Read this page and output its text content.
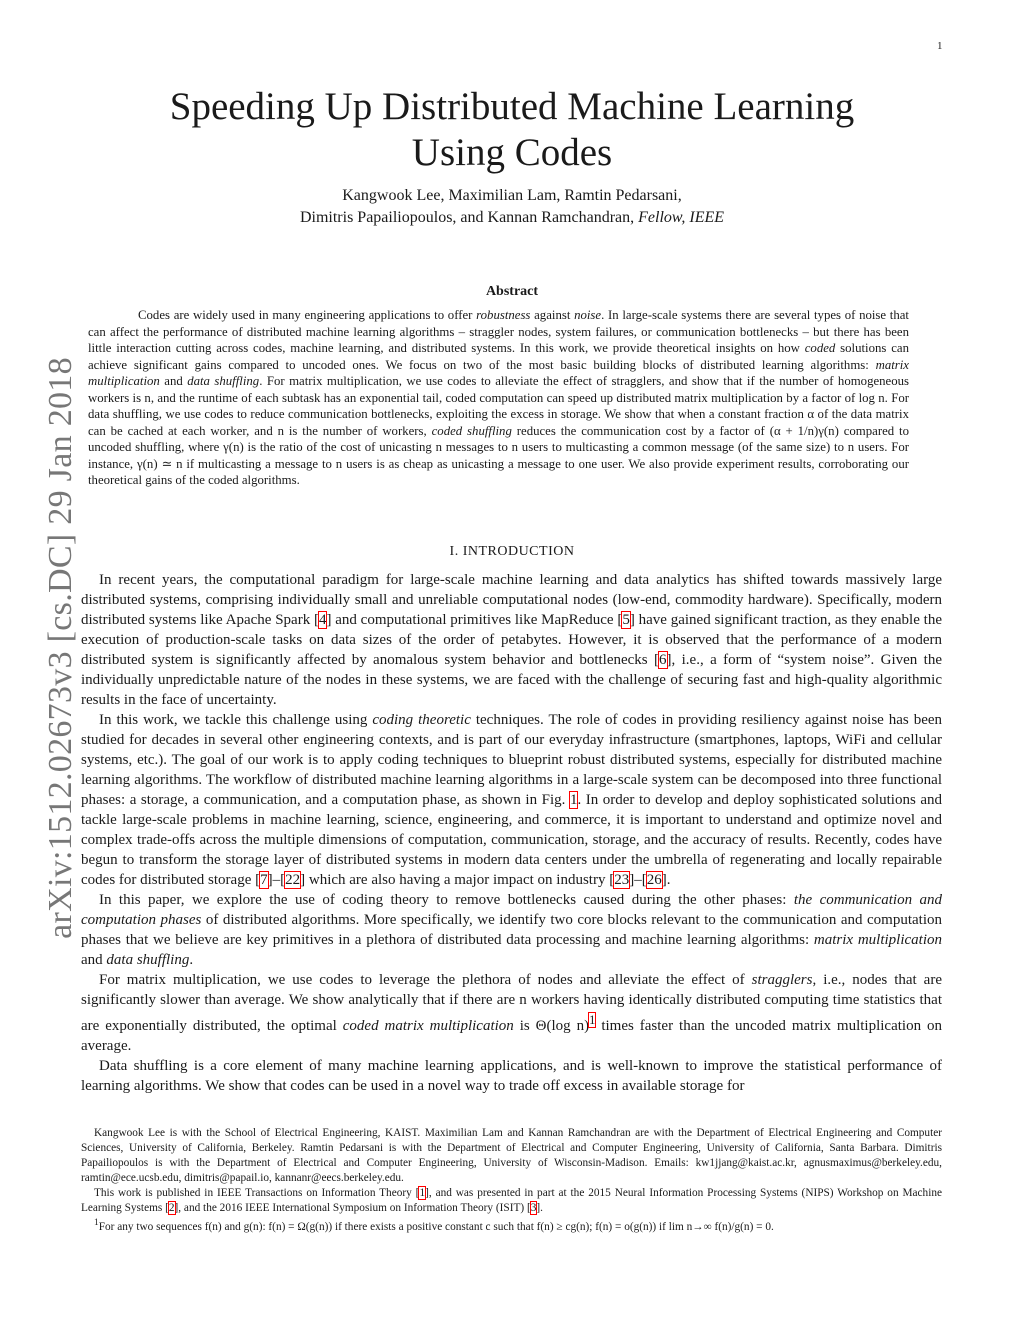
1
arXiv:1512.02673v3 [cs.DC] 29 Jan 2018
Speeding Up Distributed Machine Learning
Using Codes
Kangwook Lee, Maximilian Lam, Ramtin Pedarsani,
Dimitris Papailiopoulos, and Kannan Ramchandran, Fellow, IEEE
Abstract

Codes are widely used in many engineering applications to offer robustness against noise. In large-scale systems there are several types of noise that can affect the performance of distributed machine learning algorithms – straggler nodes, system failures, or communication bottlenecks – but there has been little interaction cutting across codes, machine learning, and distributed systems. In this work, we provide theoretical insights on how coded solutions can achieve significant gains compared to uncoded ones. We focus on two of the most basic building blocks of distributed learning algorithms: matrix multiplication and data shuffling. For matrix multiplication, we use codes to alleviate the effect of stragglers, and show that if the number of homogeneous workers is n, and the runtime of each subtask has an exponential tail, coded computation can speed up distributed matrix multiplication by a factor of log n. For data shuffling, we use codes to reduce communication bottlenecks, exploiting the excess in storage. We show that when a constant fraction α of the data matrix can be cached at each worker, and n is the number of workers, coded shuffling reduces the communication cost by a factor of (α + 1/n)γ(n) compared to uncoded shuffling, where γ(n) is the ratio of the cost of unicasting n messages to n users to multicasting a common message (of the same size) to n users. For instance, γ(n) ≃ n if multicasting a message to n users is as cheap as unicasting a message to one user. We also provide experiment results, corroborating our theoretical gains of the coded algorithms.

I. INTRODUCTION

In recent years, the computational paradigm for large-scale machine learning and data analytics has shifted towards massively large distributed systems, comprising individually small and unreliable computational nodes (low-end, commodity hardware). Specifically, modern distributed systems like Apache Spark [4] and computational primitives like MapReduce [5] have gained significant traction, as they enable the execution of production-scale tasks on data sizes of the order of petabytes. However, it is observed that the performance of a modern distributed system is significantly affected by anomalous system behavior and bottlenecks [6], i.e., a form of “system noise”. Given the individually unpredictable nature of the nodes in these systems, we are faced with the challenge of securing fast and high-quality algorithmic results in the face of uncertainty.

In this work, we tackle this challenge using coding theoretic techniques. The role of codes in providing resiliency against noise has been studied for decades in several other engineering contexts, and is part of our everyday infrastructure (smartphones, laptops, WiFi and cellular systems, etc.). The goal of our work is to apply coding techniques to blueprint robust distributed systems, especially for distributed machine learning algorithms. The workflow of distributed machine learning algorithms in a large-scale system can be decomposed into three functional phases: a storage, a communication, and a computation phase, as shown in Fig. 1. In order to develop and deploy sophisticated solutions and tackle large-scale problems in machine learning, science, engineering, and commerce, it is important to understand and optimize novel and complex trade-offs across the multiple dimensions of computation, communication, storage, and the accuracy of results. Recently, codes have begun to transform the storage layer of distributed systems in modern data centers under the umbrella of regenerating and locally repairable codes for distributed storage [7]–[22] which are also having a major impact on industry [23]–[26].

In this paper, we explore the use of coding theory to remove bottlenecks caused during the other phases: the communication and computation phases of distributed algorithms. More specifically, we identify two core blocks relevant to the communication and computation phases that we believe are key primitives in a plethora of distributed data processing and machine learning algorithms: matrix multiplication and data shuffling.

For matrix multiplication, we use codes to leverage the plethora of nodes and alleviate the effect of stragglers, i.e., nodes that are significantly slower than average. We show analytically that if there are n workers having identically distributed computing time statistics that are exponentially distributed, the optimal coded matrix multiplication is Θ(log n)$^1$ times faster than the uncoded matrix multiplication on average.

Data shuffling is a core element of many machine learning applications, and is well-known to improve the statistical performance of learning algorithms. We show that codes can be used in a novel way to trade off excess in available storage for

Kangwook Lee is with the School of Electrical Engineering, KAIST. Maximilian Lam and Kannan Ramchandran are with the Department of Electrical Engineering and Computer Sciences, University of California, Berkeley. Ramtin Pedarsani is with the Department of Electrical and Computer Engineering, University of California, Santa Barbara. Dimitris Papailiopoulos is with the Department of Electrical and Computer Engineering, University of Wisconsin-Madison. Emails: kw1jjang@kaist.ac.kr, agnusmaximus@berkeley.edu, ramtin@ece.ucsb.edu, dimitris@papail.io, kannanr@eecs.berkeley.edu.

This work is published in IEEE Transactions on Information Theory [1], and was presented in part at the 2015 Neural Information Processing Systems (NIPS) Workshop on Machine Learning Systems [2], and the 2016 IEEE International Symposium on Information Theory (ISIT) [3].

$^1$For any two sequences f(n) and g(n): f(n) = Ω(g(n)) if there exists a positive constant c such that f(n) ≥ cg(n); f(n) = o(g(n)) if lim n→∞ f(n)/g(n) = 0.
